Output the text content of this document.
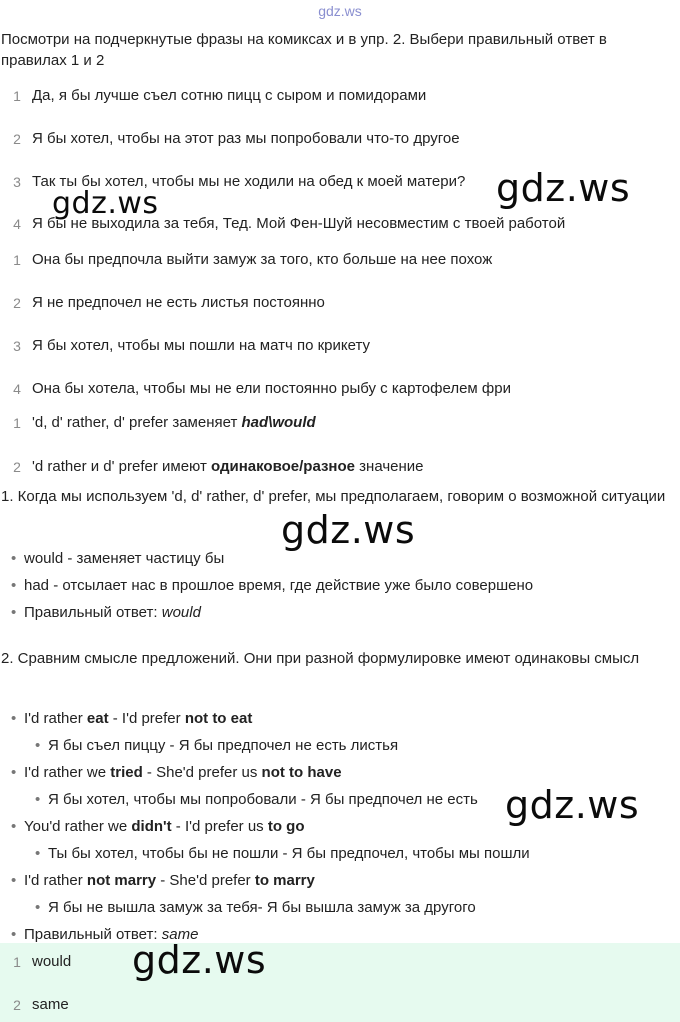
gdz.ws
Посмотри на подчеркнутые фразы на комиксах и в упр. 2. Выбери правильный ответ в правилах 1 и 2
1 Да, я бы лучше съел сотню пицц с сыром и помидорами
2 Я бы хотел, чтобы на этот раз мы попробовали что-то другое
3 Так ты бы хотел, чтобы мы не ходили на обед к моей матери?
4 Я бы не выходила за тебя, Тед. Мой Фен-Шуй несовместим с твоей работой
1 Она бы предпочла выйти замуж за того, кто больше на нее похож
2 Я не предпочел не есть листья постоянно
3 Я бы хотел, чтобы мы пошли на матч по крикету
4 Она бы хотела, чтобы мы не ели постоянно рыбу с картофелем фри
1 'd, d' rather, d' prefer заменяет had\would
2 'd rather и d' prefer имеют одинаковое/разное значение
1. Когда мы используем 'd, d' rather, d' prefer, мы предполагаем, говорим о возможной ситуации
• would - заменяет частицу бы
• had - отсылает нас в прошлое время, где действие уже было совершено
• Правильный ответ: would
2. Сравним смысле предложений. Они при разной формулировке имеют одинаковы смысл
• I'd rather eat - I'd prefer not to eat
• Я бы съел пиццу - Я бы предпочел не есть листья
• I'd rather we tried - She'd prefer us not to have
• Я бы хотел, чтобы мы попробовали - Я бы предпочел не есть
• You'd rather we didn't - I'd prefer us to go
• Ты бы хотел, чтобы бы не пошли - Я бы предпочел, чтобы мы пошли
• I'd rather not marry - She'd prefer to marry
• Я бы не вышла замуж за тебя- Я бы вышла замуж за другого
• Правильный ответ: same
1 would
2 same
gdz.ws
gdz.ws
gdz.ws
gdz.ws
gdz.ws
